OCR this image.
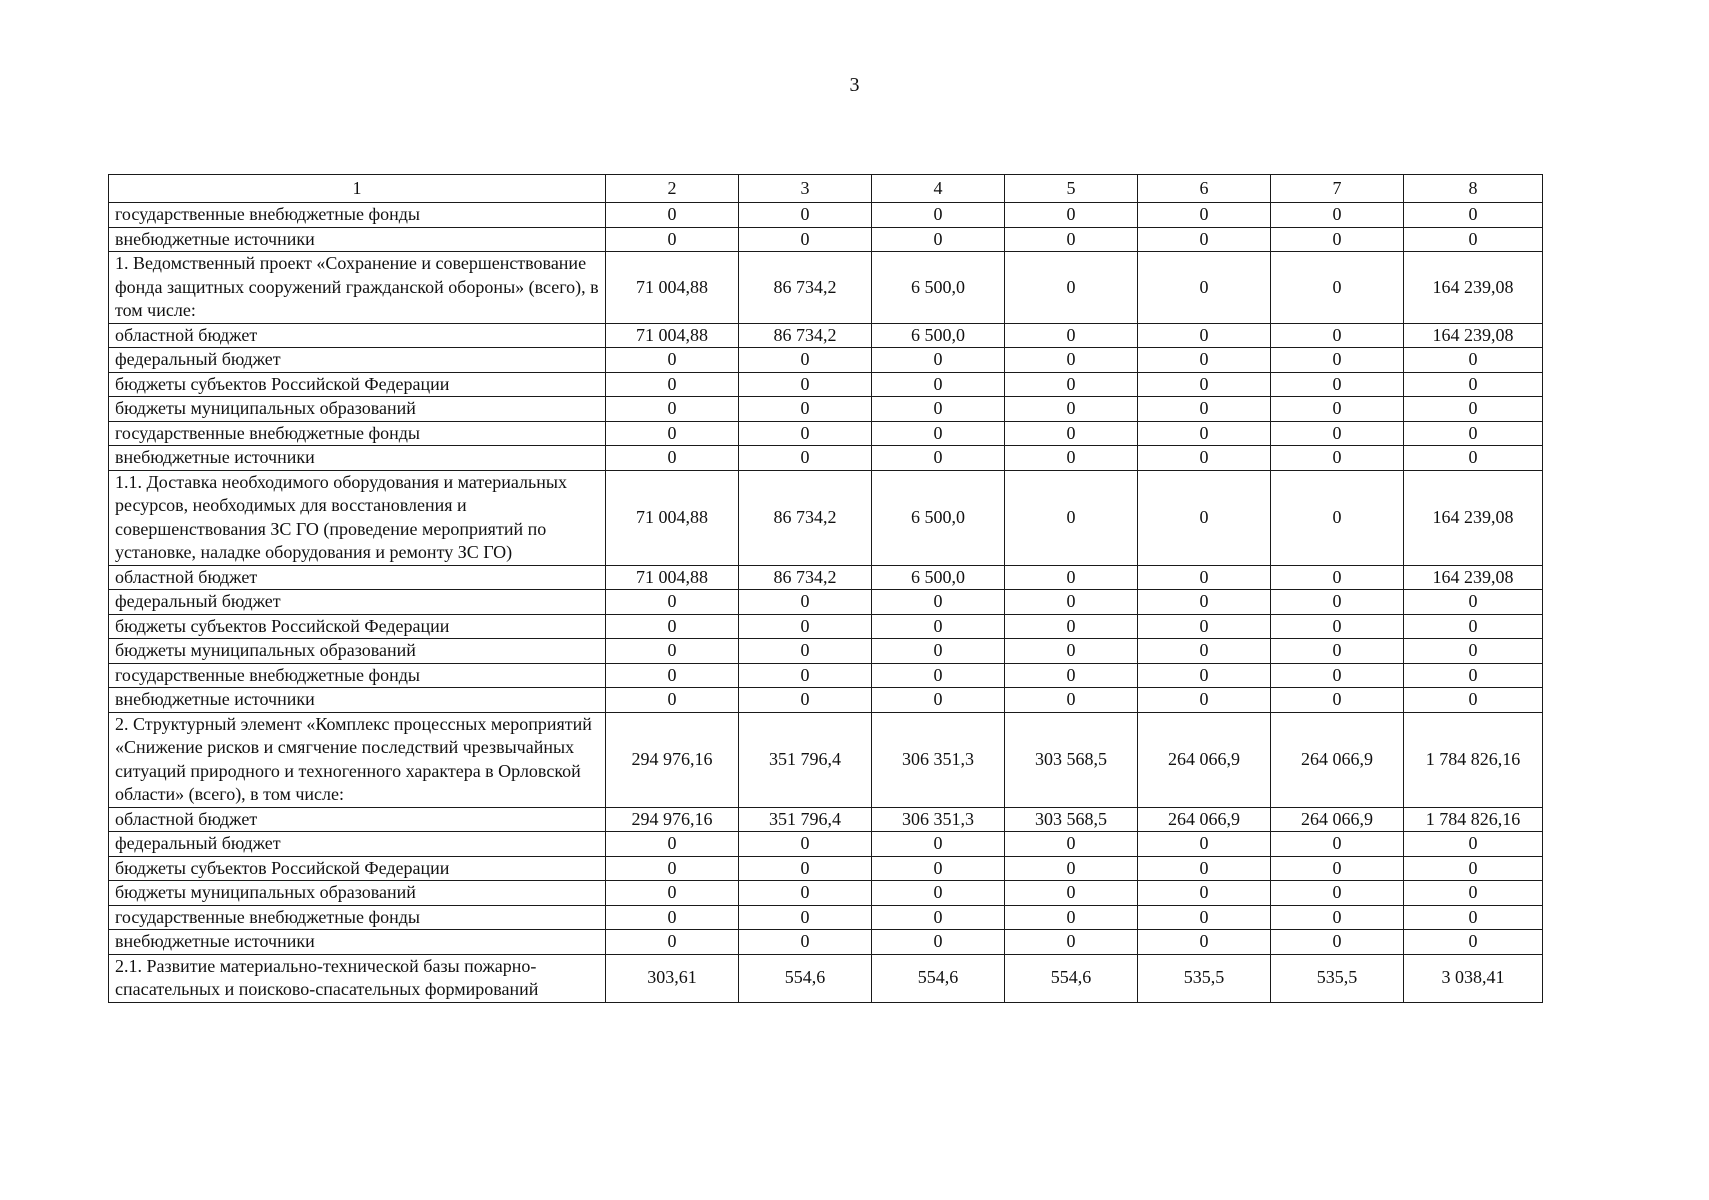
3
1	2	3	4	5	6	7	8
государственные внебюджетные фонды	0	0	0	0	0	0	0
внебюджетные источники	0	0	0	0	0	0	0
1. Ведомственный проект «Сохранение и совершенствование фонда защитных сооружений гражданской обороны» (всего), в том числе:	71 004,88	86 734,2	6 500,0	0	0	0	164 239,08
областной бюджет	71 004,88	86 734,2	6 500,0	0	0	0	164 239,08
федеральный бюджет	0	0	0	0	0	0	0
бюджеты субъектов Российской Федерации	0	0	0	0	0	0	0
бюджеты муниципальных образований	0	0	0	0	0	0	0
государственные внебюджетные фонды	0	0	0	0	0	0	0
внебюджетные источники	0	0	0	0	0	0	0
1.1. Доставка необходимого оборудования и материальных ресурсов, необходимых для восстановления и совершенствования ЗС ГО (проведение мероприятий по установке, наладке оборудования и ремонту ЗС ГО)	71 004,88	86 734,2	6 500,0	0	0	0	164 239,08
областной бюджет	71 004,88	86 734,2	6 500,0	0	0	0	164 239,08
федеральный бюджет	0	0	0	0	0	0	0
бюджеты субъектов Российской Федерации	0	0	0	0	0	0	0
бюджеты муниципальных образований	0	0	0	0	0	0	0
государственные внебюджетные фонды	0	0	0	0	0	0	0
внебюджетные источники	0	0	0	0	0	0	0
2. Структурный элемент «Комплекс процессных мероприятий «Снижение рисков и смягчение последствий чрезвычайных ситуаций природного и техногенного характера в Орловской области» (всего), в том числе:	294 976,16	351 796,4	306 351,3	303 568,5	264 066,9	264 066,9	1 784 826,16
областной бюджет	294 976,16	351 796,4	306 351,3	303 568,5	264 066,9	264 066,9	1 784 826,16
федеральный бюджет	0	0	0	0	0	0	0
бюджеты субъектов Российской Федерации	0	0	0	0	0	0	0
бюджеты муниципальных образований	0	0	0	0	0	0	0
государственные внебюджетные фонды	0	0	0	0	0	0	0
внебюджетные источники	0	0	0	0	0	0	0
2.1. Развитие материально-технической базы пожарно-спасательных и поисково-спасательных формирований	303,61	554,6	554,6	554,6	535,5	535,5	3 038,41
